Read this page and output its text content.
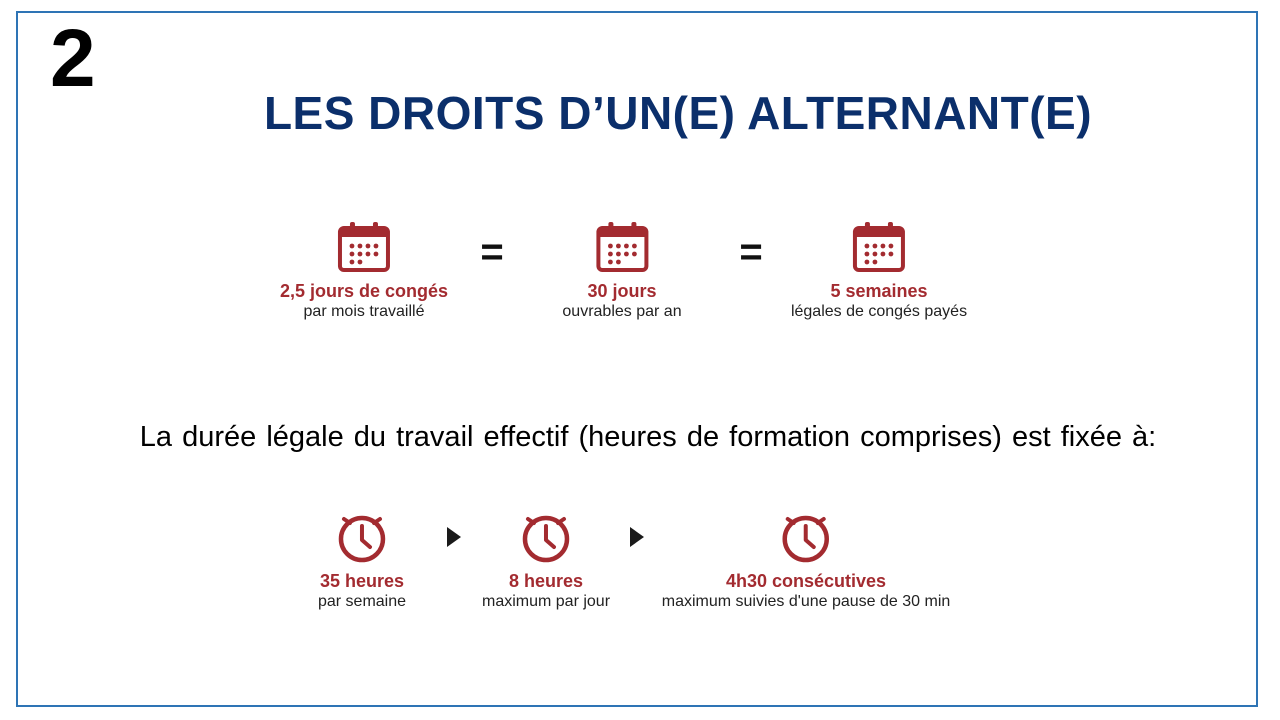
2
LES DROITS D’UN(E) ALTERNANT(E)
2,5 jours de congés
par mois travaillé
=
30 jours
ouvrables par an
=
5 semaines
légales de congés payés
La durée légale du travail effectif (heures de formation comprises) est fixée à:
35 heures
par semaine
8 heures
maximum par jour
4h30 consécutives
maximum suivies d'une pause de 30 min
